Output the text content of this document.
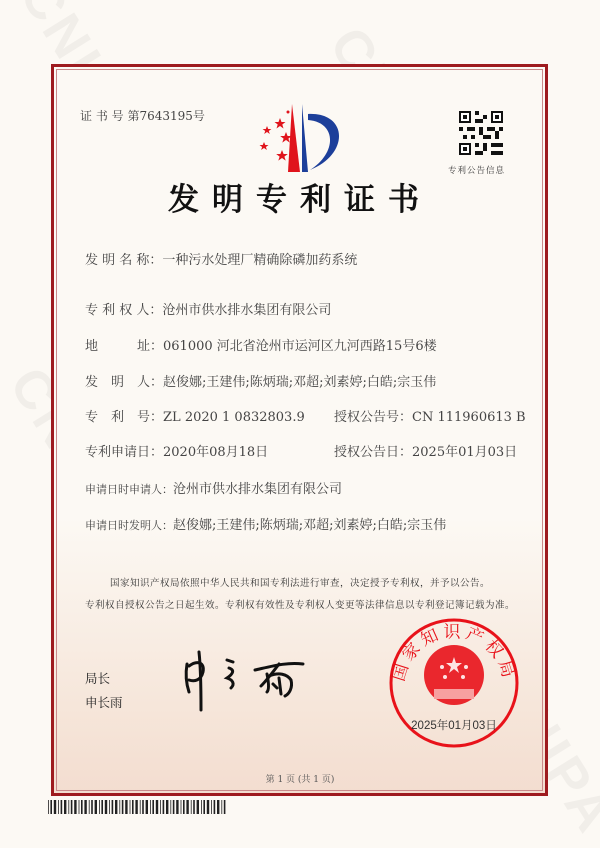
证 书 号 第7643195号
专利公告信息
发明专利证书
发 明 名 称：一种污水处理厂精确除磷加药系统
专 利 权 人：沧州市供水排水集团有限公司
地　　　址：061000 河北省沧州市运河区九河西路15号6楼
发　明　人：赵俊娜;王建伟;陈炳瑞;邓超;刘素婷;白皓;宗玉伟
专　利　号：ZL 2020 1 0832803.9 授权公告号：CN 111960613 B
专利申请日：2020年08月18日	授权公告日：2025年01月03日
申请日时申请人：沧州市供水排水集团有限公司
申请日时发明人：赵俊娜;王建伟;陈炳瑞;邓超;刘素婷;白皓;宗玉伟
国家知识产权局依照中华人民共和国专利法进行审查，决定授予专利权，并予以公告。
专利权自授权公告之日起生效。专利权有效性及专利权人变更等法律信息以专利登记簿记载为准。
局长
申长雨
国家知识产权局
2025年01月03日
第 1 页 (共 1 页)
